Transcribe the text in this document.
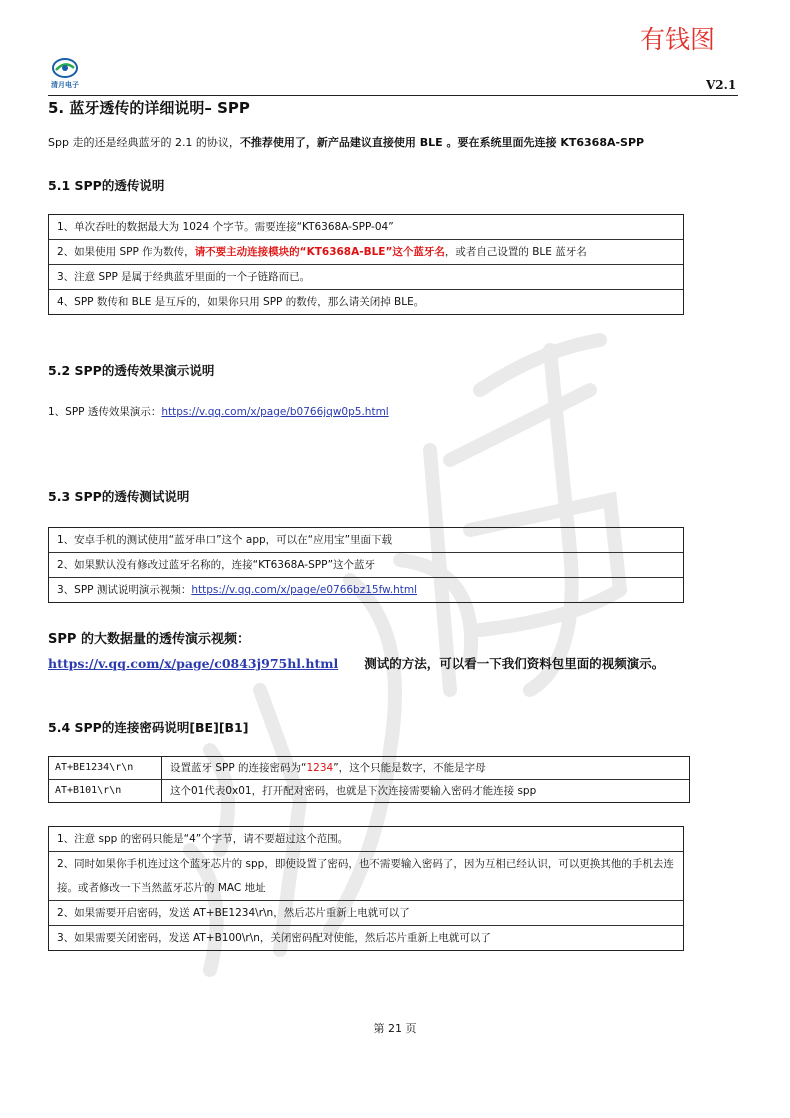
有钱图
清月电子	V2.1
5. 蓝牙透传的详细说明– SPP
Spp 走的还是经典蓝牙的 2.1 的协议，不推荐使用了，新产品建议直接使用 BLE 。要在系统里面先连接 KT6368A-SPP
5.1 SPP的透传说明
1、单次吞吐的数据最大为 1024 个字节。需要连接“KT6368A-SPP-04”
2、如果使用 SPP 作为数传，请不要主动连接模块的“KT6368A-BLE”这个蓝牙名，或者自己设置的 BLE 蓝牙名
3、注意 SPP 是属于经典蓝牙里面的一个子链路而已。
4、SPP 数传和 BLE 是互斥的，如果你只用 SPP 的数传，那么请关闭掉 BLE。
5.2 SPP的透传效果演示说明
1、SPP 透传效果演示：https://v.qq.com/x/page/b0766jqw0p5.html
5.3 SPP的透传测试说明
1、安卓手机的测试使用“蓝牙串口”这个 app，可以在“应用宝”里面下载
2、如果默认没有修改过蓝牙名称的，连接“KT6368A-SPP”这个蓝牙
3、SPP 测试说明演示视频：https://v.qq.com/x/page/e0766bz15fw.html
SPP 的大数据量的透传演示视频：
https://v.qq.com/x/page/c0843j975hl.html 测试的方法，可以看一下我们资料包里面的视频演示。
5.4 SPP的连接密码说明[BE][B1]
AT+BE1234\r\n	设置蓝牙 SPP 的连接密码为“1234”，这个只能是数字，不能是字母
AT+B101\r\n	这个01代表0x01，打开配对密码，也就是下次连接需要输入密码才能连接 spp
1、注意 spp 的密码只能是“4”个字节，请不要超过这个范围。
2、同时如果你手机连过这个蓝牙芯片的 spp，即使设置了密码，也不需要输入密码了，因为互相已经认识，可以更换其他的手机去连接。或者修改一下当然蓝牙芯片的 MAC 地址
2、如果需要开启密码，发送 AT+BE1234\r\n，然后芯片重新上电就可以了
3、如果需要关闭密码，发送 AT+B100\r\n，关闭密码配对使能，然后芯片重新上电就可以了
第 21 页
